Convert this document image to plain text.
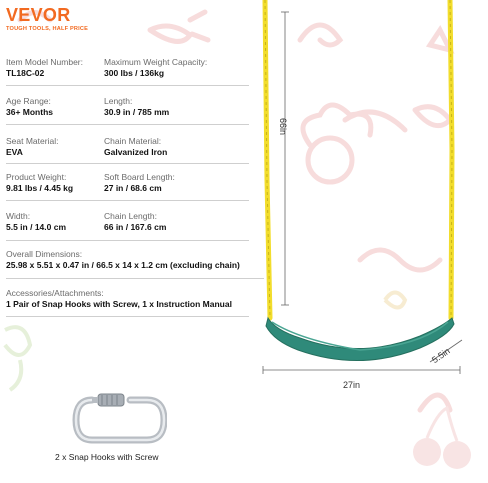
VEVOR
TOUGH TOOLS, HALF PRICE
Item Model Number:
TL18C-02
Maximum Weight Capacity:
300 lbs / 136kg
Age Range:
36+ Months
Length:
30.9 in / 785 mm
Seat Material:
EVA
Chain Material:
Galvanized Iron
Product Weight:
9.81 lbs / 4.45 kg
Soft Board Length:
27 in / 68.6 cm
Width:
5.5 in / 14.0 cm
Chain Length:
66 in / 167.6 cm
Overall Dimensions:
25.98 x 5.51 x 0.47 in / 66.5 x 14 x 1.2 cm (excluding chain)
Accessories/Attachments:
1 Pair of Snap Hooks with Screw, 1 x Instruction Manual
66in
27in
5.5in
2 x Snap Hooks with Screw
